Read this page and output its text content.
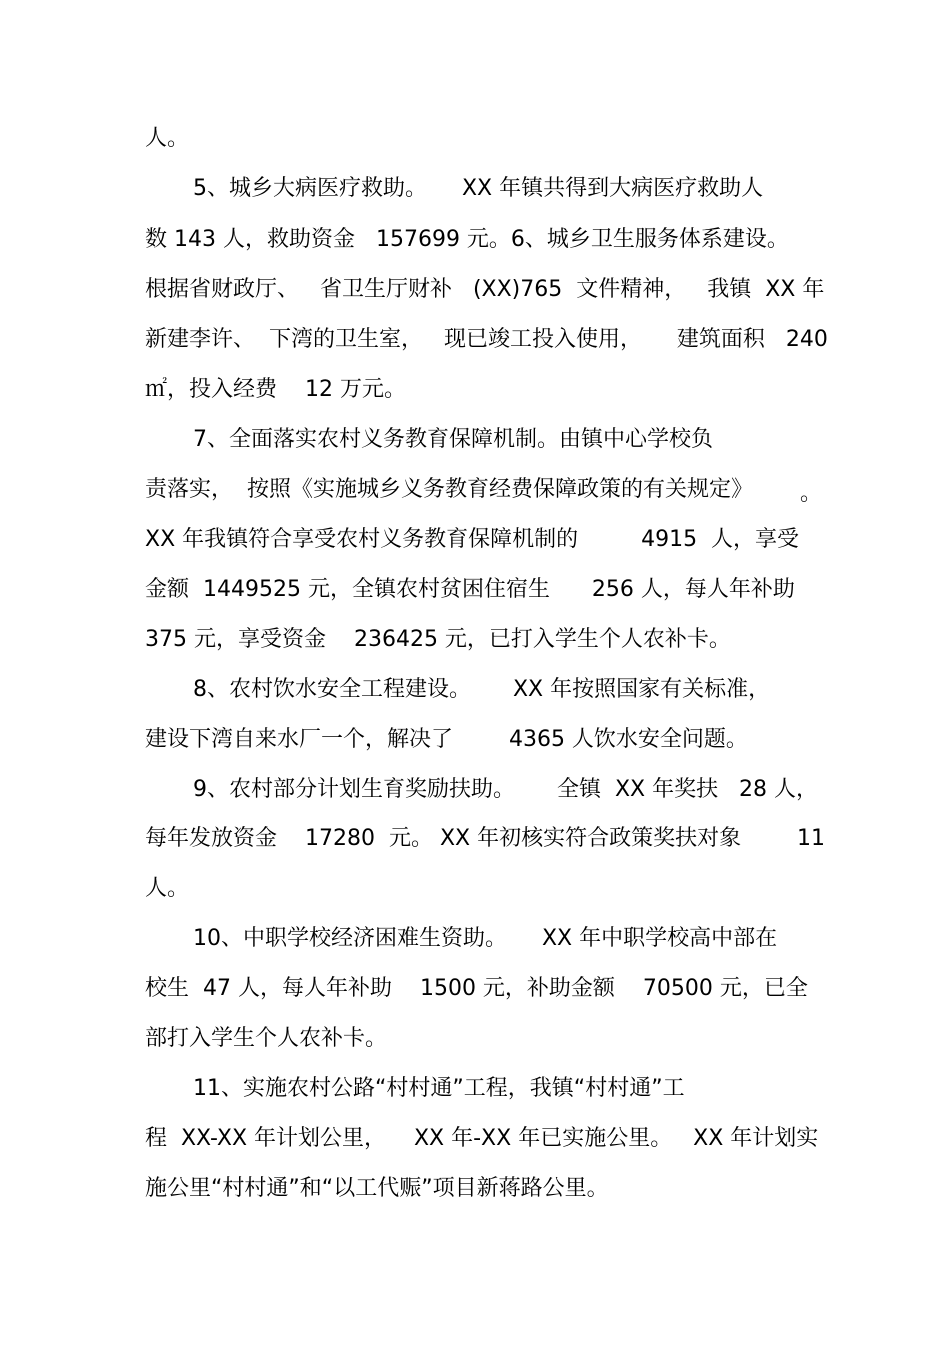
人。

5、城乡大病医疗救助。     XX 年镇共得到大病医疗救助人

数 143 人，救助资金   157699 元。6、城乡卫生服务体系建设。

根据省财政厅、   省卫生厅财补   (XX)765  文件精神，   我镇  XX 年

新建李许、  下湾的卫生室，   现已竣工投入使用，     建筑面积   240

㎡，投入经费    12 万元。

7、全面落实农村义务教育保障机制。由镇中心学校负

责落实，  按照《实施城乡义务教育经费保障政策的有关规定》 。

XX 年我镇符合享受农村义务教育保障机制的         4915  人，享受

金额  1449525 元，全镇农村贫困住宿生      256 人，每人年补助

375 元，享受资金    236425 元，已打入学生个人农补卡。

8、农村饮水安全工程建设。      XX 年按照国家有关标准，

建设下湾自来水厂一个，解决了        4365 人饮水安全问题。

9、农村部分计划生育奖励扶助。      全镇  XX 年奖扶   28 人，

每年发放资金    17280  元。 XX 年初核实符合政策奖扶对象        11

人。

10、中职学校经济困难生资助。     XX 年中职学校高中部在

校生  47 人，每人年补助    1500 元，补助金额    70500 元，已全

部打入学生个人农补卡。

11、实施农村公路“村村通”工程，我镇“村村通”工

程  XX-XX 年计划公里，    XX 年-XX 年已实施公里。   XX 年计划实

施公里“村村通”和“以工代赈”项目新蒋路公里。
